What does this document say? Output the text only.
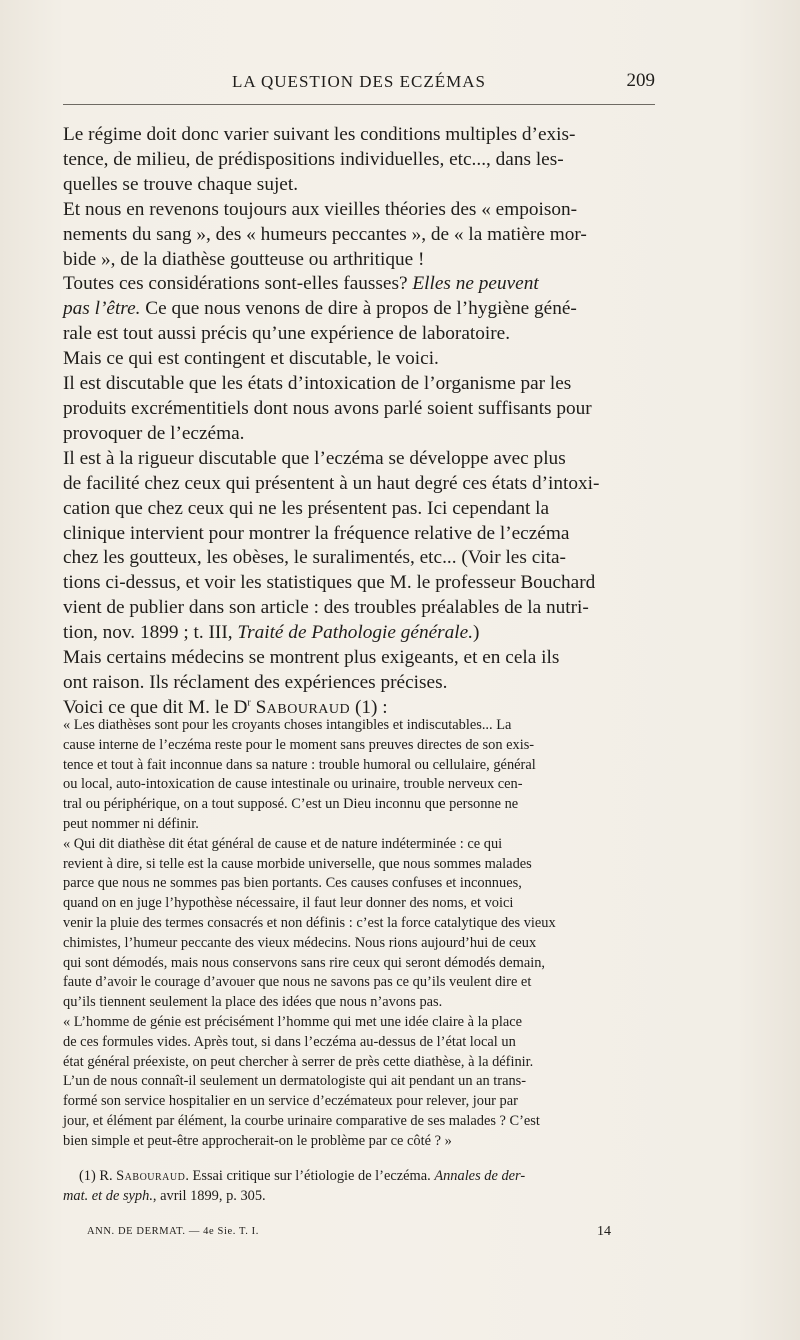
LA QUESTION DES ECZÉMAS	209

Le régime doit donc varier suivant les conditions multiples d’exis-
tence, de milieu, de prédispositions individuelles, etc..., dans les-
quelles se trouve chaque sujet.

Et nous en revenons toujours aux vieilles théories des « empoison-
nements du sang », des « humeurs peccantes », de « la matière mor-
bide », de la diathèse goutteuse ou arthritique !

Toutes ces considérations sont-elles fausses? Elles ne peuvent
pas l’être. Ce que nous venons de dire à propos de l’hygiène géné-
rale est tout aussi précis qu’une expérience de laboratoire.

Mais ce qui est contingent et discutable, le voici.

Il est discutable que les états d’intoxication de l’organisme par les
produits excrémentitiels dont nous avons parlé soient suffisants pour
provoquer de l’eczéma.

Il est à la rigueur discutable que l’eczéma se développe avec plus
de facilité chez ceux qui présentent à un haut degré ces états d’intoxi-
cation que chez ceux qui ne les présentent pas. Ici cependant la
clinique intervient pour montrer la fréquence relative de l’eczéma
chez les goutteux, les obèses, le suralimentés, etc... (Voir les cita-
tions ci-dessus, et voir les statistiques que M. le professeur Bouchard
vient de publier dans son article : des troubles préalables de la nutri-
tion, nov. 1899 ; t. III, Traité de Pathologie générale.)

Mais certains médecins se montrent plus exigeants, et en cela ils
ont raison. Ils réclament des expériences précises.

Voici ce que dit M. le $D^r$ Sabouraud (1) :

« Les diathèses sont pour les croyants choses intangibles et indiscutables... La
cause interne de l’eczéma reste pour le moment sans preuves directes de son exis-
tence et tout à fait inconnue dans sa nature : trouble humoral ou cellulaire, général
ou local, auto-intoxication de cause intestinale ou urinaire, trouble nerveux cen-
tral ou périphérique, on a tout supposé. C’est un Dieu inconnu que personne ne
peut nommer ni définir.

« Qui dit diathèse dit état général de cause et de nature indéterminée : ce qui
revient à dire, si telle est la cause morbide universelle, que nous sommes malades
parce que nous ne sommes pas bien portants. Ces causes confuses et inconnues,
quand on en juge l’hypothèse nécessaire, il faut leur donner des noms, et voici
venir la pluie des termes consacrés et non définis : c’est la force catalytique des vieux
chimistes, l’humeur peccante des vieux médecins. Nous rions aujourd’hui de ceux
qui sont démodés, mais nous conservons sans rire ceux qui seront démodés demain,
faute d’avoir le courage d’avouer que nous ne savons pas ce qu’ils veulent dire et
qu’ils tiennent seulement la place des idées que nous n’avons pas.

« L’homme de génie est précisément l’homme qui met une idée claire à la place
de ces formules vides. Après tout, si dans l’eczéma au-dessus de l’état local un
état général préexiste, on peut chercher à serrer de près cette diathèse, à la définir.
L’un de nous connaît-il seulement un dermatologiste qui ait pendant un an trans-
formé son service hospitalier en un service d’eczémateux pour relever, jour par
jour, et élément par élément, la courbe urinaire comparative de ses malades ? C’est
bien simple et peut-être approcherait-on le problème par ce côté ? »

(1) R. Sabouraud. Essai critique sur l’étiologie de l’eczéma. Annales de der-
mat. et de syph., avril 1899, p. 305.
ANN. DE DERMAT. — 4e Sie. T. I.	14
